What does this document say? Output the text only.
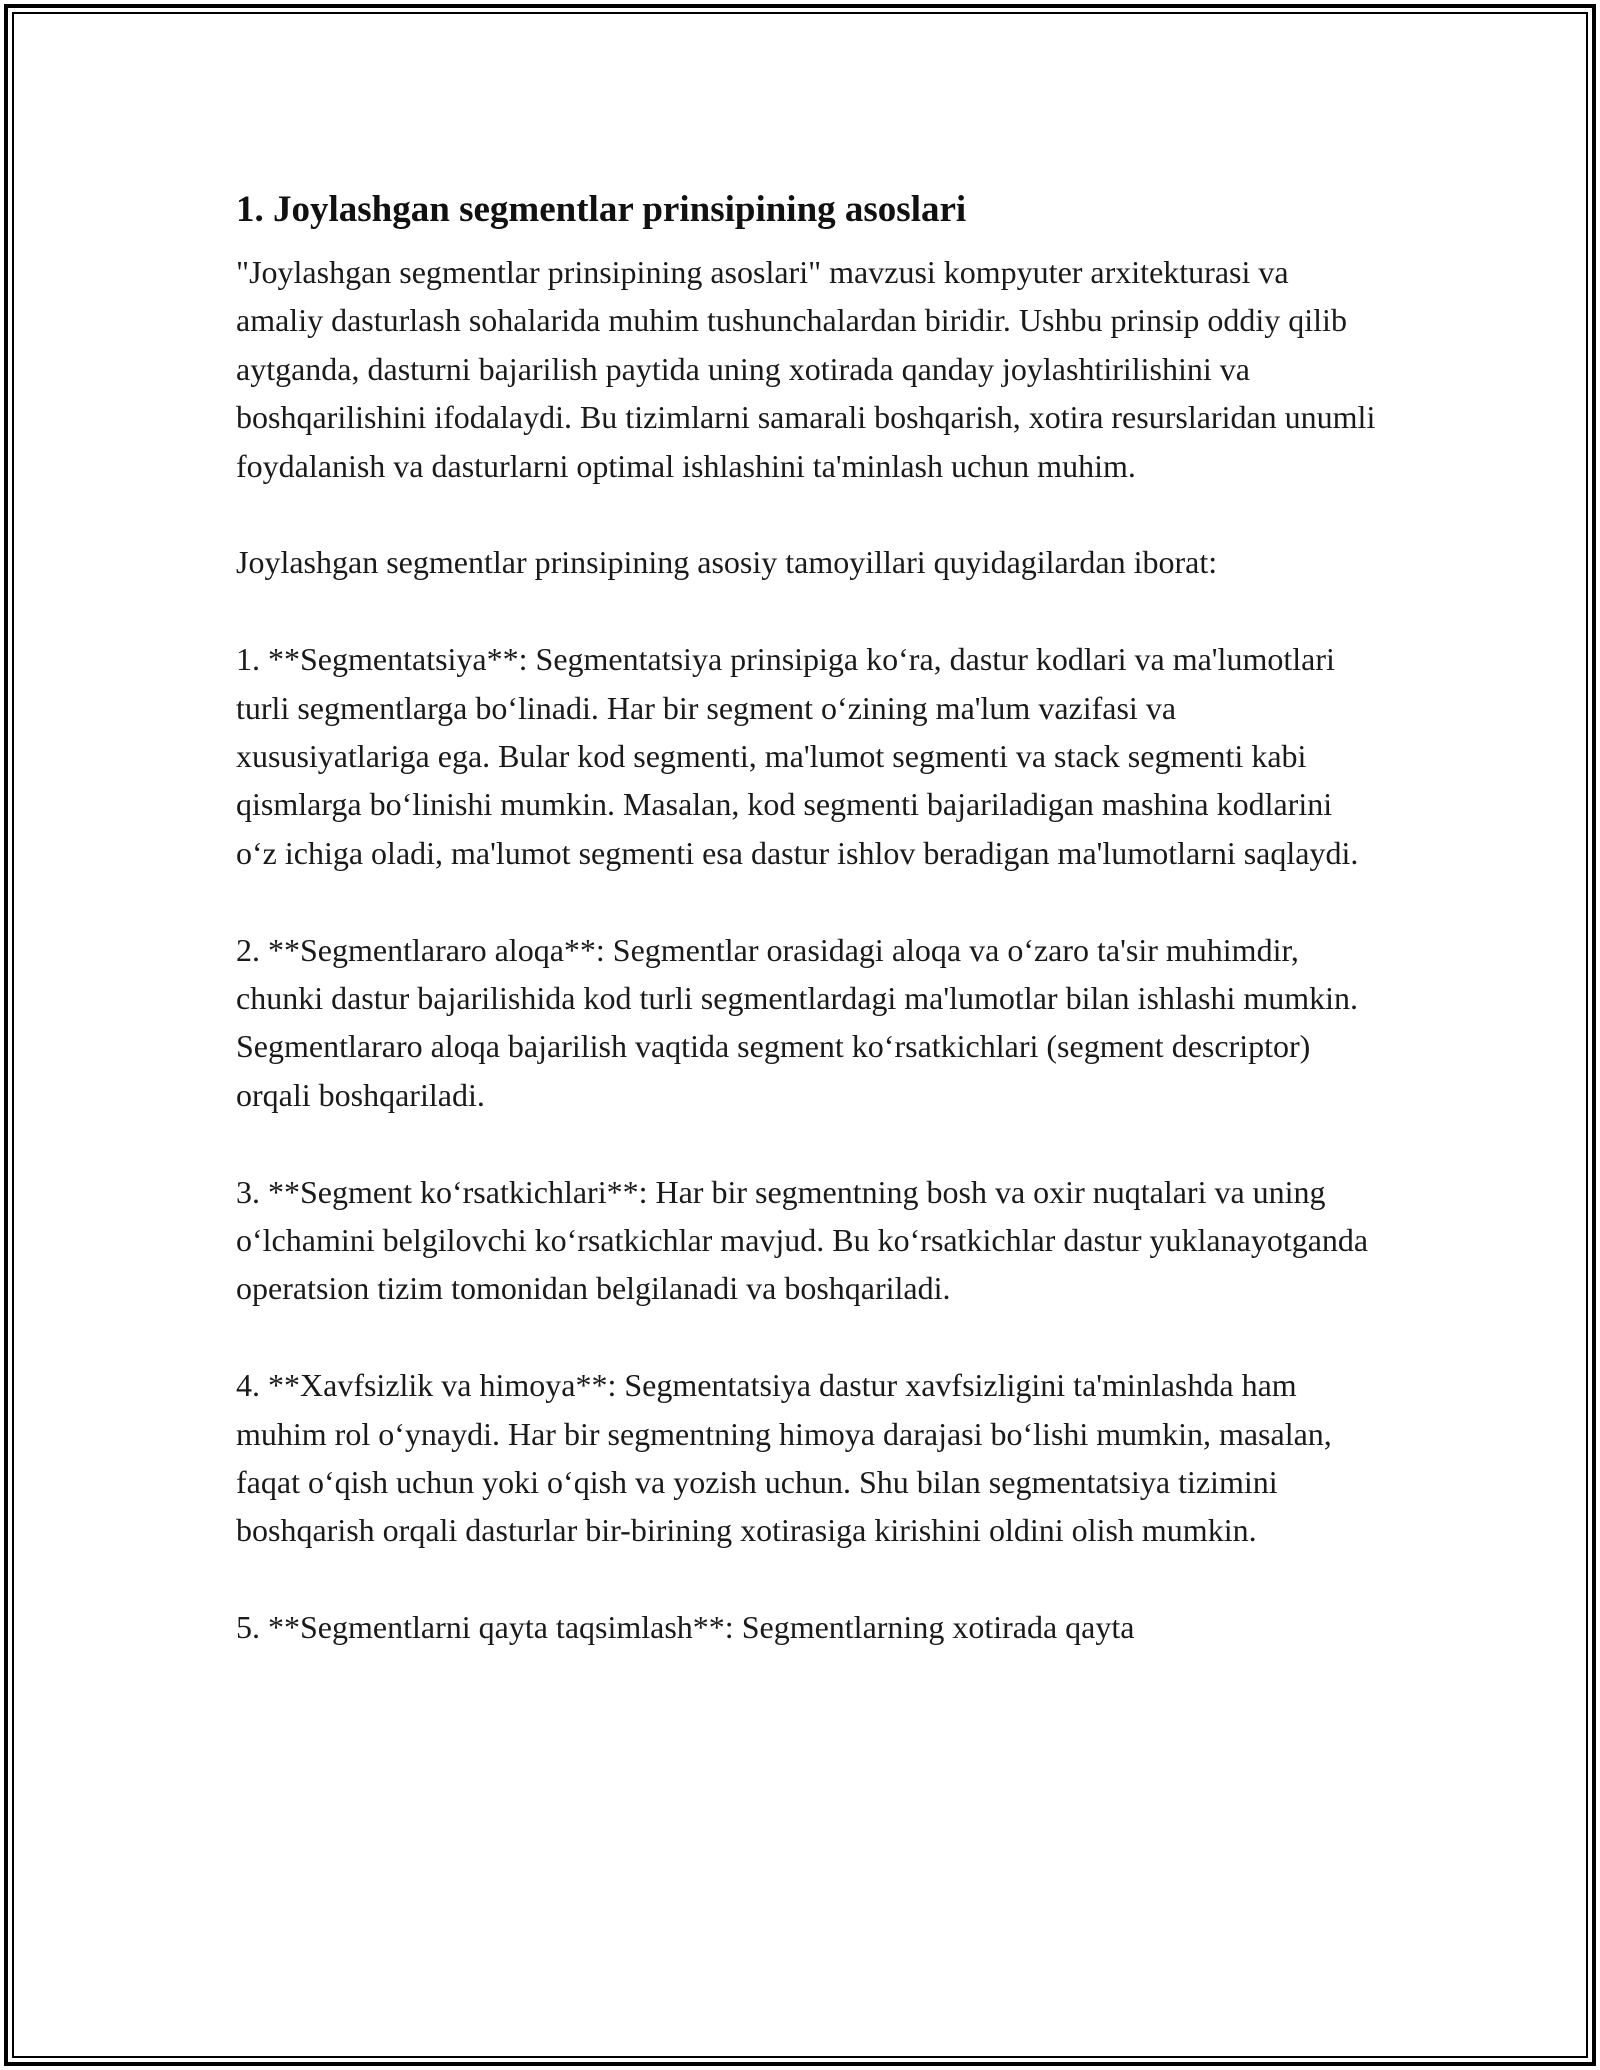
1. Joylashgan segmentlar prinsipining asoslari

"Joylashgan segmentlar prinsipining asoslari" mavzusi kompyuter arxitekturasi va amaliy dasturlash sohalarida muhim tushunchalardan biridir. Ushbu prinsip oddiy qilib aytganda, dasturni bajarilish paytida uning xotirada qanday joylashtirilishini va boshqarilishini ifodalaydi. Bu tizimlarni samarali boshqarish, xotira resurslaridan unumli foydalanish va dasturlarni optimal ishlashini ta'minlash uchun muhim.

Joylashgan segmentlar prinsipining asosiy tamoyillari quyidagilardan iborat:

1. **Segmentatsiya**: Segmentatsiya prinsipiga koʻra, dastur kodlari va ma'lumotlari turli segmentlarga boʻlinadi. Har bir segment oʻzining ma'lum vazifasi va xususiyatlariga ega. Bular kod segmenti, ma'lumot segmenti va stack segmenti kabi qismlarga boʻlinishi mumkin. Masalan, kod segmenti bajariladigan mashina kodlarini oʻz ichiga oladi, ma'lumot segmenti esa dastur ishlov beradigan ma'lumotlarni saqlaydi.

2. **Segmentlararo aloqa**: Segmentlar orasidagi aloqa va oʻzaro ta'sir muhimdir, chunki dastur bajarilishida kod turli segmentlardagi ma'lumotlar bilan ishlashi mumkin. Segmentlararo aloqa bajarilish vaqtida segment koʻrsatkichlari (segment descriptor) orqali boshqariladi.

3. **Segment koʻrsatkichlari**: Har bir segmentning bosh va oxir nuqtalari va uning oʻlchamini belgilovchi koʻrsatkichlar mavjud. Bu koʻrsatkichlar dastur yuklanayotganda operatsion tizim tomonidan belgilanadi va boshqariladi.

4. **Xavfsizlik va himoya**: Segmentatsiya dastur xavfsizligini ta'minlashda ham muhim rol oʻynaydi. Har bir segmentning himoya darajasi boʻlishi mumkin, masalan, faqat oʻqish uchun yoki oʻqish va yozish uchun. Shu bilan segmentatsiya tizimini boshqarish orqali dasturlar bir-birining xotirasiga kirishini oldini olish mumkin.

5. **Segmentlarni qayta taqsimlash**: Segmentlarning xotirada qayta
